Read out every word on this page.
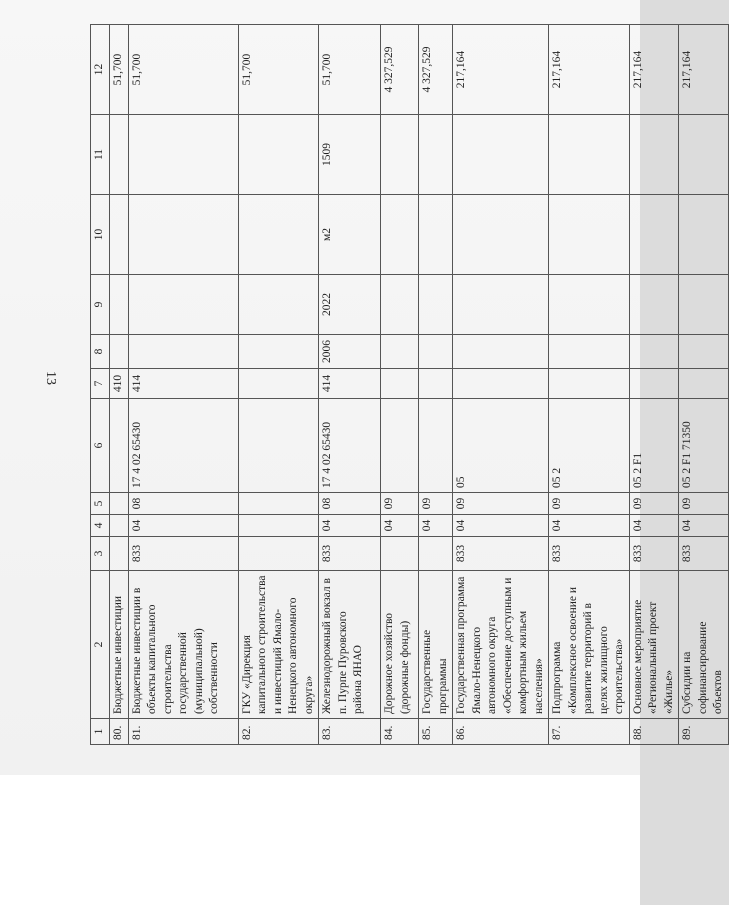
13
1	2	3	4	5	6	7	8	9	10	11	12
80.	Бюджетные инвестиции					410					51,700
81.	Бюджетные инвестиции в объекты капитального строительства государственной (муниципальной) собственности	833	04	08	17 4 02 65430	414					51,700
82.	ГКУ «Дирекция капитального строительства и инвестиций Ямало-Ненецкого автономного округа»										51,700
83.	Железнодорожный вокзал в п. Пурпе Пуровского района ЯНАО	833	04	08	17 4 02 65430	414	2006	2022	м2	1509	51,700
84.	Дорожное хозяйство (дорожные фонды)		04	09							4 327,529
85.	Государственные программы		04	09							4 327,529
86.	Государственная программа Ямало-Ненецкого автономного округа «Обеспечение доступным и комфортным жильем населения»	833	04	09	05						217,164
87.	Подпрограмма «Комплексное освоение и развитие территорий в целях жилищного строительства»	833	04	09	05 2						217,164
88.	Основное мероприятие «Региональный проект «Жилье»	833	04	09	05 2 F1						217,164
89.	Субсидии на софинансирование объектов	833	04	09	05 2 F1 71350						217,164
